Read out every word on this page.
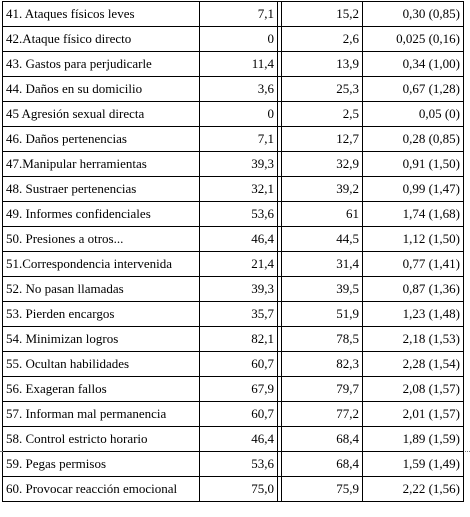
41. Ataques físicos leves	7,1		15,2	0,30 (0,85)
42.Ataque físico directo	0		2,6	0,025 (0,16)
43. Gastos para perjudicarle	11,4		13,9	0,34 (1,00)
44. Daños en su domicilio	3,6		25,3	0,67 (1,28)
45 Agresión sexual directa	0		2,5	0,05 (0)
46. Daños pertenencias	7,1		12,7	0,28 (0,85)
47.Manipular herramientas	39,3		32,9	0,91 (1,50)
48. Sustraer pertenencias	32,1		39,2	0,99 (1,47)
49. Informes confidenciales	53,6		61	1,74 (1,68)
50. Presiones a otros...	46,4		44,5	1,12 (1,50)
51.Correspondencia intervenida	21,4		31,4	0,77 (1,41)
52. No pasan llamadas	39,3		39,5	0,87 (1,36)
53. Pierden encargos	35,7		51,9	1,23 (1,48)
54. Minimizan logros	82,1		78,5	2,18 (1,53)
55. Ocultan habilidades	60,7		82,3	2,28 (1,54)
56. Exageran fallos	67,9		79,7	2,08 (1,57)
57. Informan mal permanencia	60,7		77,2	2,01 (1,57)
58. Control estricto horario	46,4		68,4	1,89 (1,59)
59. Pegas permisos	53,6		68,4	1,59 (1,49)
60. Provocar reacción emocional	75,0		75,9	2,22 (1,56)
